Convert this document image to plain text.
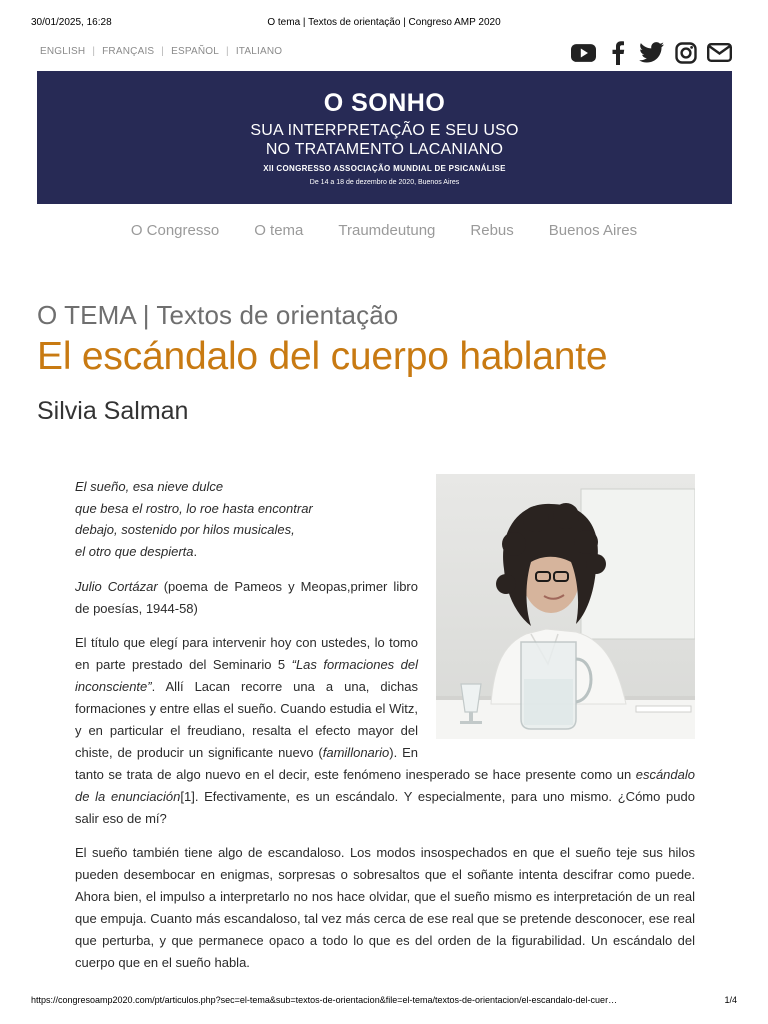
30/01/2025, 16:28	O tema | Textos de orientação | Congreso AMP 2020
ENGLISH | FRANÇAIS | ESPAÑOL | ITALIANO
O SONHO
SUA INTERPRETAÇÃO E SEU USO
NO TRATAMENTO LACANIANO
XII CONGRESSO ASSOCIAÇÃO MUNDIAL DE PSICANÁLISE
De 14 a 18 de dezembro de 2020, Buenos Aires
O Congresso O tema Traumdeutung Rebus Buenos Aires
O TEMA | Textos de orientação
El escándalo del cuerpo hablante
Silvia Salman
El sueño, esa nieve dulce
que besa el rostro, lo roe hasta encontrar
debajo, sostenido por hilos musicales,
el otro que despierta.

Julio Cortázar (poema de Pameos y Meopas,primer libro de poesías, 1944-58)

El título que elegí para intervenir hoy con ustedes, lo tomo en parte prestado del Seminario 5 “Las formaciones del inconsciente”. Allí Lacan recorre una a una, dichas formaciones y entre ellas el sueño. Cuando estudia el Witz, y en particular el freudiano, resalta el efecto mayor del chiste, de producir un significante nuevo (famillonario). En tanto se trata de algo nuevo en el decir, este fenómeno inesperado se hace presente como un escándalo de la enunciación[1]. Efectivamente, es un escándalo. Y especialmente, para uno mismo. ¿Cómo pudo salir eso de mí?

El sueño también tiene algo de escandaloso. Los modos insospechados en que el sueño teje sus hilos pueden desembocar en enigmas, sorpresas o sobresaltos que el soñante intenta descifrar como puede. Ahora bien, el impulso a interpretarlo no nos hace olvidar, que el sueño mismo es interpretación de un real que empuja. Cuanto más escandaloso, tal vez más cerca de ese real que se pretende desconocer, ese real que perturba, y que permanece opaco a todo lo que es del orden de la figurabilidad. Un escándalo del cuerpo que en el sueño habla.

https://congresoamp2020.com/pt/articulos.php?sec=el-tema&sub=textos-de-orientacion&file=el-tema/textos-de-orientacion/el-escandalo-del-cuer…	1/4
